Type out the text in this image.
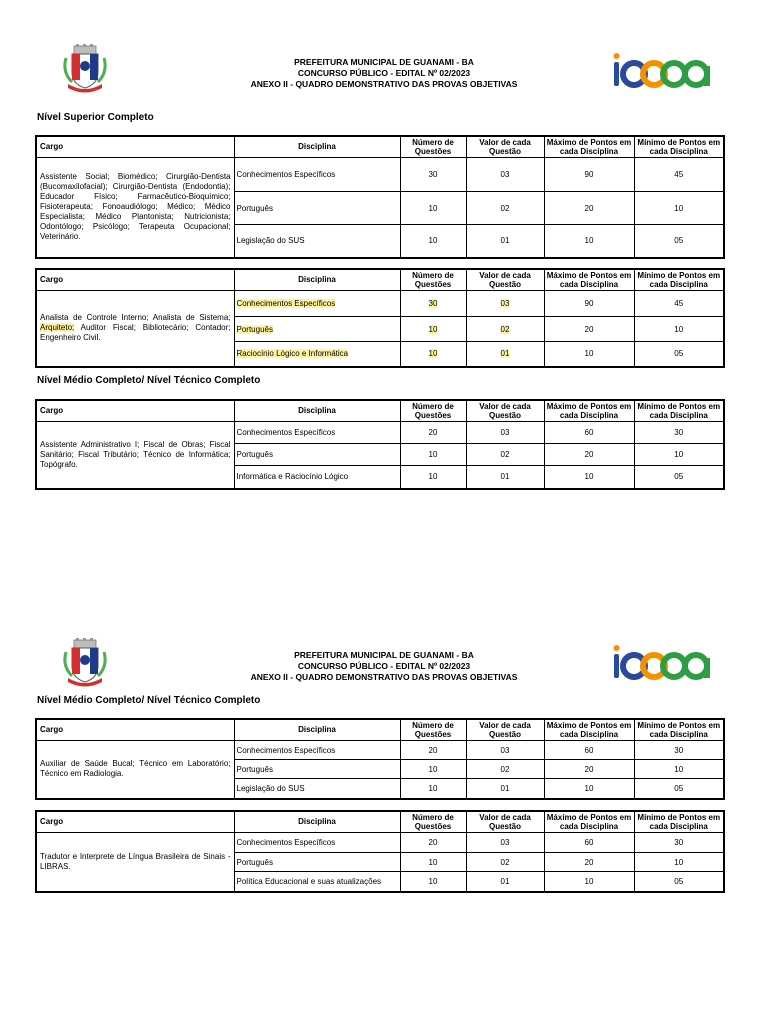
PREFEITURA MUNICIPAL DE GUANAMI - BA
CONCURSO PÚBLICO - EDITAL Nº 02/2023
ANEXO II - QUADRO DEMONSTRATIVO DAS PROVAS OBJETIVAS
Nível Superior Completo
Cargo	Disciplina	Número de Questões	Valor de cada Questão	Máximo de Pontos em cada Disciplina	Mínimo de Pontos em cada Disciplina
Assistente Social; Biomédico; Cirurgião-Dentista (Bucomaxilofacial); Cirurgião-Dentista (Endodontia); Educador Físico; Farmacêutico-Bioquímico; Fisioterapeuta; Fonoaudiólogo; Médico; Médico Especialista; Médico Plantonista; Nutricionista; Odontólogo; Psicólogo; Terapeuta Ocupacional; Veterinário.	Conhecimentos Específicos	30	03	90	45
	Português	10	02	20	10
	Legislação do SUS	10	01	10	05
Cargo	Disciplina	Número de Questões	Valor de cada Questão	Máximo de Pontos em cada Disciplina	Mínimo de Pontos em cada Disciplina
Analista de Controle Interno; Analista de Sistema; Arquiteto; Auditor Fiscal; Bibliotecário; Contador; Engenheiro Civil.	Conhecimentos Específicos	30	03	90	45
	Português	10	02	20	10
	Raciocínio Lógico e Informática	10	01	10	05
Nível Médio Completo/ Nível Técnico Completo
Cargo	Disciplina	Número de Questões	Valor de cada Questão	Máximo de Pontos em cada Disciplina	Mínimo de Pontos em cada Disciplina
Assistente Administrativo I; Fiscal de Obras; Fiscal Sanitário; Fiscal Tributário; Técnico de Informática; Topógrafo.	Conhecimentos Específicos	20	03	60	30
	Português	10	02	20	10
	Informática e Raciocínio Lógico	10	01	10	05
PREFEITURA MUNICIPAL DE GUANAMI - BA
CONCURSO PÚBLICO - EDITAL Nº 02/2023
ANEXO II - QUADRO DEMONSTRATIVO DAS PROVAS OBJETIVAS
Nível Médio Completo/ Nível Técnico Completo
Cargo	Disciplina	Número de Questões	Valor de cada Questão	Máximo de Pontos em cada Disciplina	Mínimo de Pontos em cada Disciplina
Auxiliar de Saúde Bucal; Técnico em Laboratório; Técnico em Radiologia.	Conhecimentos Específicos	20	03	60	30
	Português	10	02	20	10
	Legislação do SUS	10	01	10	05
Cargo	Disciplina	Número de Questões	Valor de cada Questão	Máximo de Pontos em cada Disciplina	Mínimo de Pontos em cada Disciplina
Tradutor e Interprete de Língua Brasileira de Sinais - LIBRAS.	Conhecimentos Específicos	20	03	60	30
	Português	10	02	20	10
	Política Educacional e suas atualizações	10	01	10	05
